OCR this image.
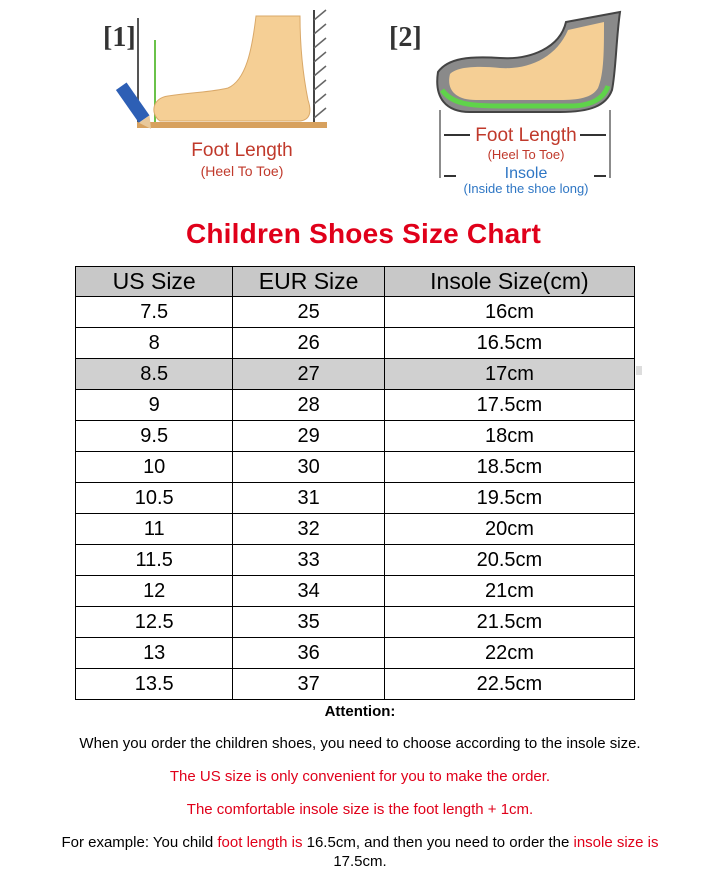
[1]
Foot Length
(Heel To Toe)
[2]
Foot Length
(Heel To Toe)
Insole
(Inside the shoe long)
Children Shoes Size Chart
US Size	EUR Size	Insole Size(cm)
7.5	25	16cm
8	26	16.5cm
8.5	27	17cm
9	28	17.5cm
9.5	29	18cm
10	30	18.5cm
10.5	31	19.5cm
11	32	20cm
11.5	33	20.5cm
12	34	21cm
12.5	35	21.5cm
13	36	22cm
13.5	37	22.5cm
Attention:

When you order the children shoes, you need to choose according to the insole size.

The US size is only convenient for you to make the order.

The comfortable insole size is the foot length + 1cm.

For example: You child foot length is 16.5cm, and then you need to order the insole size is 17.5cm.
